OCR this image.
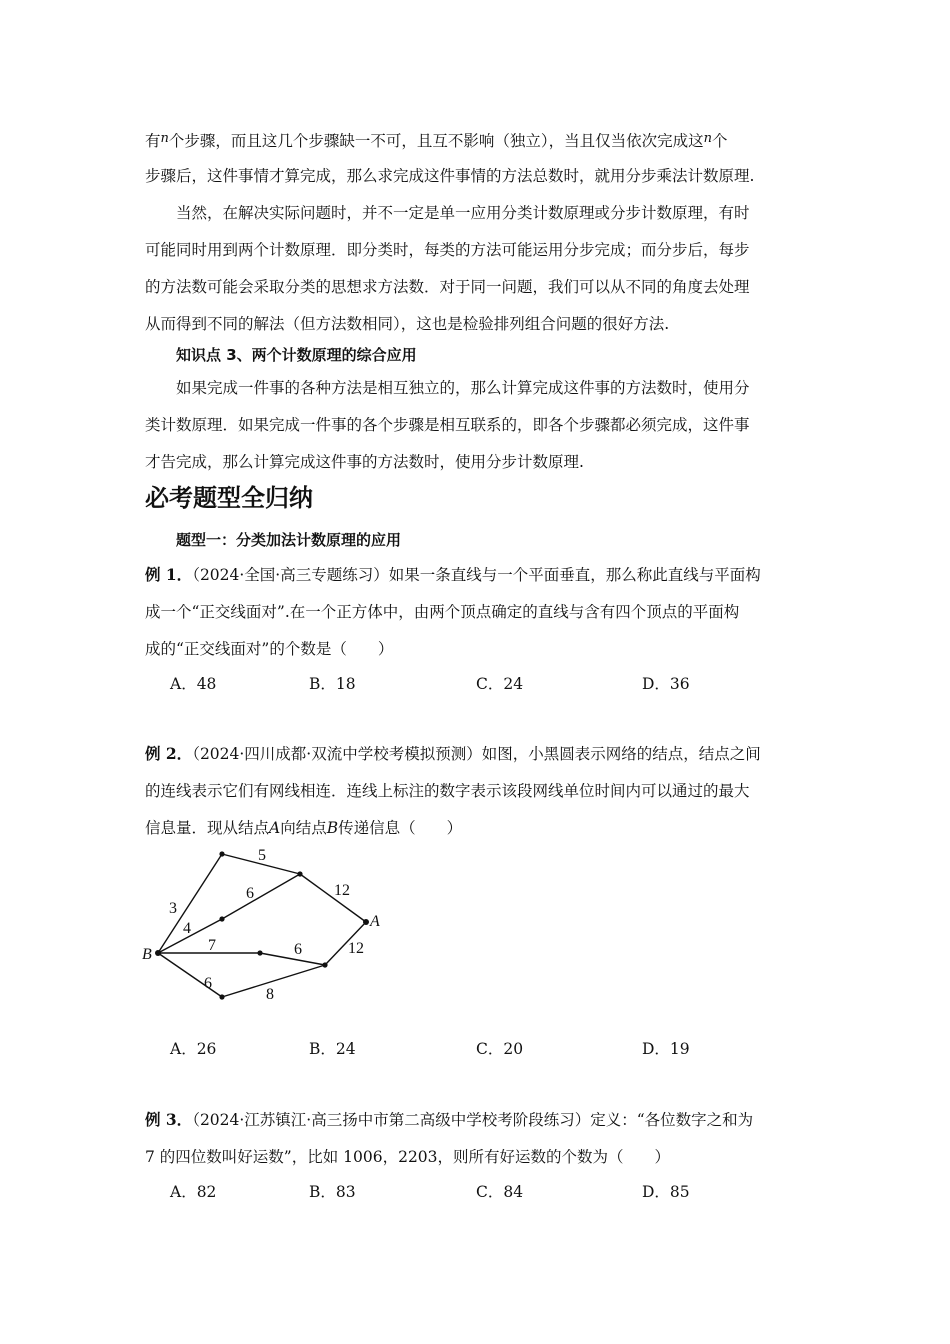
有$^n$个步骤，而且这几个步骤缺一不可，且互不影响（独立），当且仅当依次完成这$^n$个
步骤后，这件事情才算完成，那么求完成这件事情的方法总数时，就用分步乘法计数原理.
当然，在解决实际问题时，并不一定是单一应用分类计数原理或分步计数原理，有时
可能同时用到两个计数原理．即分类时，每类的方法可能运用分步完成；而分步后，每步
的方法数可能会采取分类的思想求方法数．对于同一问题，我们可以从不同的角度去处理
从而得到不同的解法（但方法数相同），这也是检验排列组合问题的很好方法.
知识点 3、两个计数原理的综合应用
如果完成一件事的各种方法是相互独立的，那么计算完成这件事的方法数时，使用分
类计数原理．如果完成一件事的各个步骤是相互联系的，即各个步骤都必须完成，这件事
才告完成，那么计算完成这件事的方法数时，使用分步计数原理.
必考题型全归纳
题型一：分类加法计数原理的应用
例 1．（2024·全国·高三专题练习）如果一条直线与一个平面垂直，那么称此直线与平面构
成一个“正交线面对”.在一个正方体中，由两个顶点确定的直线与含有四个顶点的平面构
成的“正交线面对”的个数是（　　）
A．48	B．18	C．24	D．36
例 2．（2024·四川成都·双流中学校考模拟预测）如图，小黑圆表示网络的结点，结点之间
的连线表示它们有网线相连．连线上标注的数字表示该段网线单位时间内可以通过的最大
信息量．现从结点A向结点B传递信息（　　）
A
B
5
12
6
3
4
7	6	12
6
8
A．26	B．24	C．20	D．19
例 3．（2024·江苏镇江·高三扬中市第二高级中学校考阶段练习）定义：“各位数字之和为
7 的四位数叫好运数”，比如 1006，2203，则所有好运数的个数为（　　）
A．82	B．83	C．84	D．85
